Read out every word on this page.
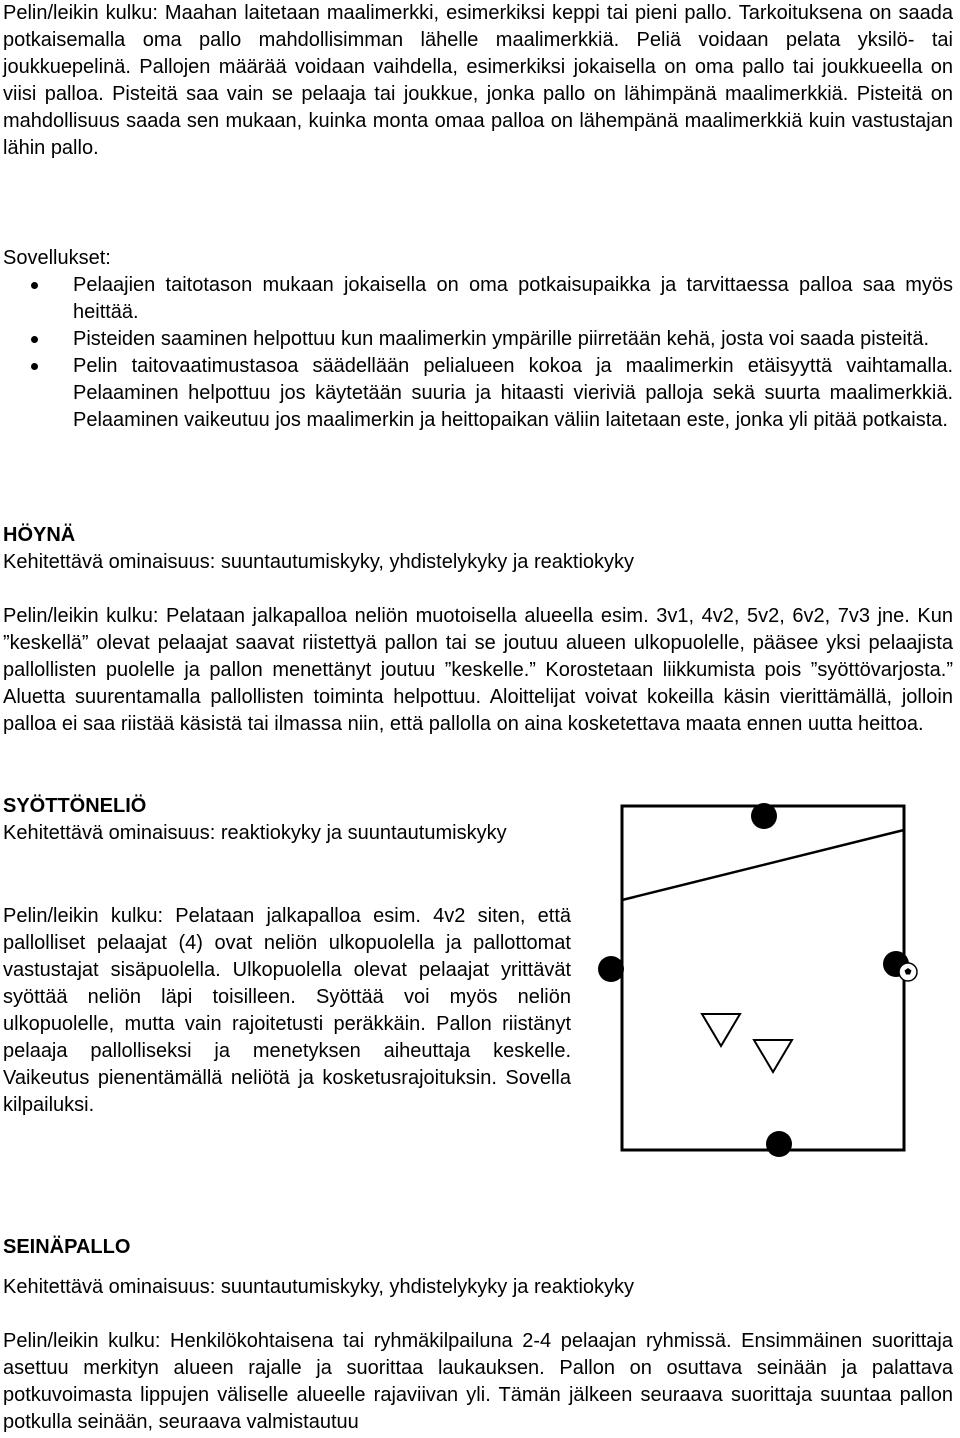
Pelin/leikin kulku: Maahan laitetaan maalimerkki, esimerkiksi keppi tai pieni pallo. Tarkoituksena on saada potkaisemalla oma pallo mahdollisimman lähelle maalimerkkiä. Peliä voidaan pelata yksilö- tai joukkuepelinä. Pallojen määrää voidaan vaihdella, esimerkiksi jokaisella on oma pallo tai joukkueella on viisi palloa. Pisteitä saa vain se pelaaja tai joukkue, jonka pallo on lähimpänä maalimerkkiä. Pisteitä on mahdollisuus saada sen mukaan, kuinka monta omaa palloa on lähempänä maalimerkkiä kuin vastustajan lähin pallo.

Sovellukset:

Pelaajien taitotason mukaan jokaisella on oma potkaisupaikka ja tarvittaessa palloa saa myös heittää.
Pisteiden saaminen helpottuu kun maalimerkin ympärille piirretään kehä, josta voi saada pisteitä.
Pelin taitovaatimustasoa säädellään pelialueen kokoa ja maalimerkin etäisyyttä vaihtamalla. Pelaaminen helpottuu jos käytetään suuria ja hitaasti vieriviä palloja sekä suurta maalimerkkiä. Pelaaminen vaikeutuu jos maalimerkin ja heittopaikan väliin laitetaan este, jonka yli pitää potkaista.
HÖYNÄ

Kehitettävä ominaisuus: suuntautumiskyky, yhdistelykyky ja reaktiokyky

Pelin/leikin kulku: Pelataan jalkapalloa neliön muotoisella alueella esim. 3v1, 4v2, 5v2, 6v2, 7v3 jne. Kun ”keskellä” olevat pelaajat saavat riistettyä pallon tai se joutuu alueen ulkopuolelle, pääsee yksi pelaajista pallollisten puolelle ja pallon menettänyt joutuu ”keskelle.” Korostetaan liikkumista pois ”syöttövarjosta.” Aluetta suurentamalla pallollisten toiminta helpottuu. Aloittelijat voivat kokeilla käsin vierittämällä, jolloin palloa ei saa riistää käsistä tai ilmassa niin, että pallolla on aina kosketettava maata ennen uutta heittoa.

SYÖTTÖNELIÖ

Kehitettävä ominaisuus: reaktiokyky ja suuntautumiskyky

Pelin/leikin kulku: Pelataan jalkapalloa esim. 4v2 siten, että pallolliset pelaajat (4) ovat neliön ulkopuolella ja pallottomat vastustajat sisäpuolella. Ulkopuolella olevat pelaajat yrittävät syöttää neliön läpi toisilleen. Syöttää voi myös neliön ulkopuolelle, mutta vain rajoitetusti peräkkäin. Pallon riistänyt pelaaja pallolliseksi ja menetyksen aiheuttaja keskelle. Vaikeutus pienentämällä neliötä ja kosketusrajoituksin. Sovella kilpailuksi.

SEINÄPALLO

Kehitettävä ominaisuus: suuntautumiskyky, yhdistelykyky ja reaktiokyky

Pelin/leikin kulku: Henkilökohtaisena tai ryhmäkilpailuna 2-4 pelaajan ryhmissä. Ensimmäinen suorittaja asettuu merkityn alueen rajalle ja suorittaa laukauksen. Pallon on osuttava seinään ja palattava potkuvoimasta lippujen väliselle alueelle rajaviivan yli. Tämän jälkeen seuraava suorittaja suuntaa pallon potkulla seinään, seuraava valmistautuu
